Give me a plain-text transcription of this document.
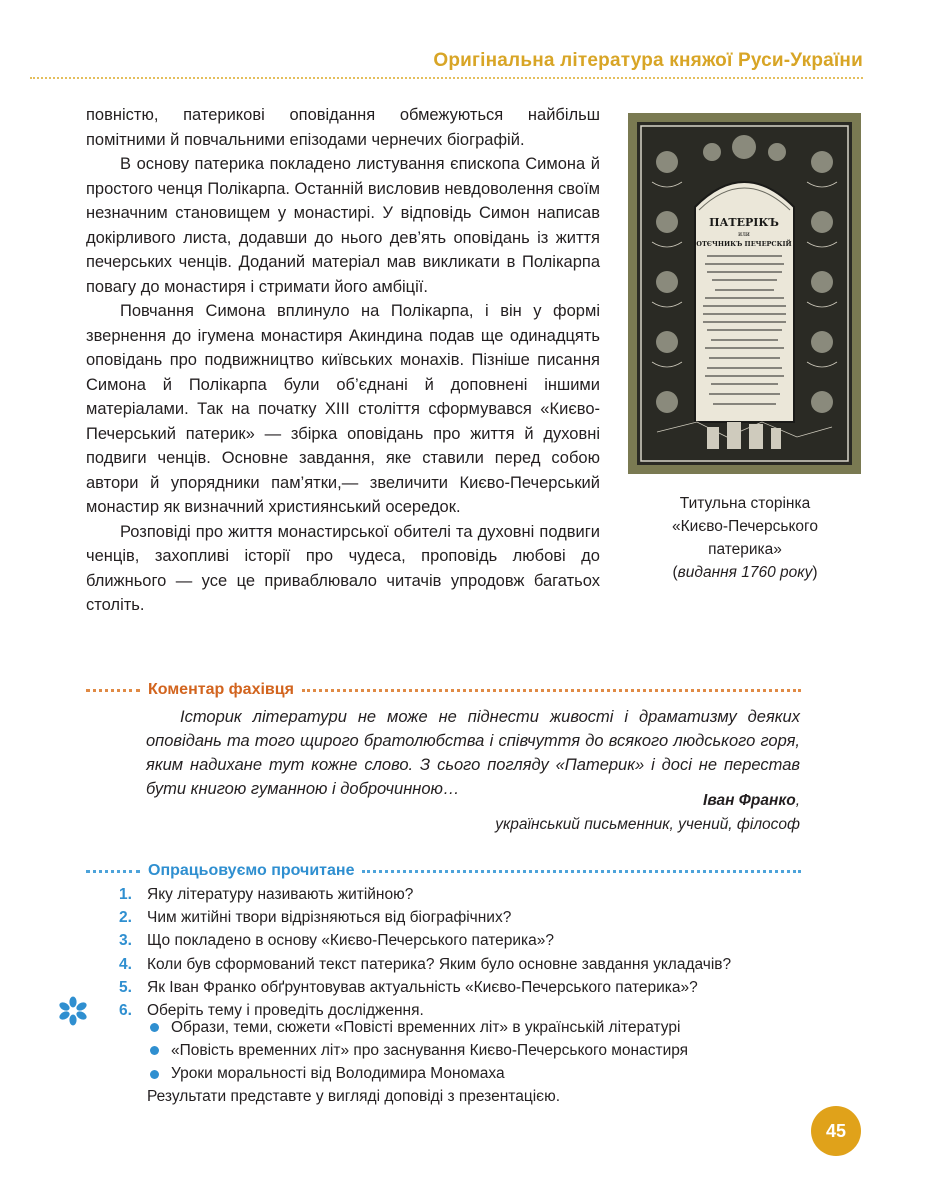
Оригінальна література княжої Руси-України

повністю, патерикові оповідання обмежуються найбільш помітними й повчальними епізодами чернечих біографій.

В основу патерика покладено листування єпископа Симона й простого ченця Полікарпа. Останній висловив невдоволення своїм незначним становищем у монастирі. У відповідь Симон написав докірливого листа, додавши до нього дев’ять оповідань із життя печерських ченців. Доданий матеріал мав викликати в Полікарпа повагу до монастиря і стримати його амбіції.

Повчання Симона вплинуло на Полікарпа, і він у формі звернення до ігумена монастиря Акиндина подав ще одинадцять оповідань про подвижництво київських монахів. Пізніше писання Симона й Полікарпа були об’єднані й доповнені іншими матеріалами. Так на початку ХІІІ століття сформувався «Києво-Печерський патерик» — збірка оповідань про життя й духовні подвиги ченців. Основне завдання, яке ставили перед собою автори й упорядники пам’ятки,— звеличити Києво-Печерський монастир як визначний християнський осередок.

Розповіді про життя монастирської обителі та духовні подвиги ченців, захопливі історії про чудеса, проповідь любові до ближнього — усе це приваблювало читачів упродовж багатьох століть.

ПАТЕРІКЪ
или
ОТЄЧНИКЪ ПЕЧЕРСКІЙ
Титульна сторінка
«Києво-Печерського
патерика»
(видання 1760 року)
Коментар фахівця

Історик літератури не може не піднести живості і драматизму деяких оповідань та того щирого братолюбства і співчуття до всякого людського горя, яким надихане тут кожне слово. З сього погляду «Патерик» і досі не перестав бути книгою гуманною і доброчинною…

Іван Франко,
український письменник, учений, філософ
Опрацьовуємо прочитане
1. Яку літературу називають житійною?
2. Чим житійні твори відрізняються від біографічних?
3. Що покладено в основу «Києво-Печерського патерика»?
4. Коли був сформований текст патерика? Яким було основне завдання укладачів?
5. Як Іван Франко обґрунтовував актуальність «Києво-Печерського патерика»?
6. Оберіть тему і проведіть дослідження.
Образи, теми, сюжети «Повісті временних літ» в українській літературі
«Повість временних літ» про заснування Києво-Печерського монастиря
Уроки моральності від Володимира Мономаха

Результати представте у вигляді доповіді з презентацією.

45
